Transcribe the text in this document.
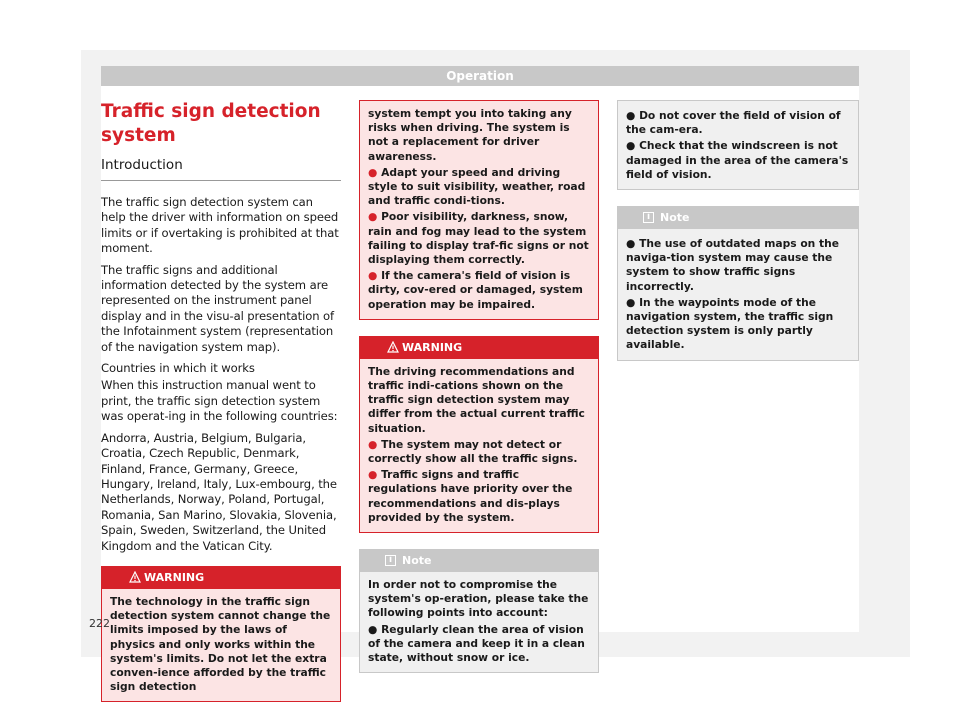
Operation
Traffic sign detection system
Introduction

The traffic sign detection system can help the driver with information on speed limits or if overtaking is prohibited at that moment.

The traffic signs and additional information detected by the system are represented on the instrument panel display and in the visu-al presentation of the Infotainment system (representation of the navigation system map).

Countries in which it works

When this instruction manual went to print, the traffic sign detection system was operat-ing in the following countries:

Andorra, Austria, Belgium, Bulgaria, Croatia, Czech Republic, Denmark, Finland, France, Germany, Greece, Hungary, Ireland, Italy, Lux-embourg, the Netherlands, Norway, Poland, Portugal, Romania, San Marino, Slovakia, Slovenia, Spain, Sweden, Switzerland, the United Kingdom and the Vatican City.

WARNING

The technology in the traffic sign detection system cannot change the limits imposed by the laws of physics and only works within the system's limits. Do not let the extra conven-ience afforded by the traffic sign detection

system tempt you into taking any risks when driving. The system is not a replacement for driver awareness.

● Adapt your speed and driving style to suit visibility, weather, road and traffic condi-tions.

● Poor visibility, darkness, snow, rain and fog may lead to the system failing to display traf-fic signs or not displaying them correctly.

● If the camera's field of vision is dirty, cov-ered or damaged, system operation may be impaired.

WARNING

The driving recommendations and traffic indi-cations shown on the traffic sign detection system may differ from the actual current traffic situation.

● The system may not detect or correctly show all the traffic signs.

● Traffic signs and traffic regulations have priority over the recommendations and dis-plays provided by the system.

i Note

In order not to compromise the system's op-eration, please take the following points into account:

● Regularly clean the area of vision of the camera and keep it in a clean state, without snow or ice.

● Do not cover the field of vision of the cam-era.

● Check that the windscreen is not damaged in the area of the camera's field of vision.

i Note

● The use of outdated maps on the naviga-tion system may cause the system to show traffic signs incorrectly.

● In the waypoints mode of the navigation system, the traffic sign detection system is only partly available.

222
